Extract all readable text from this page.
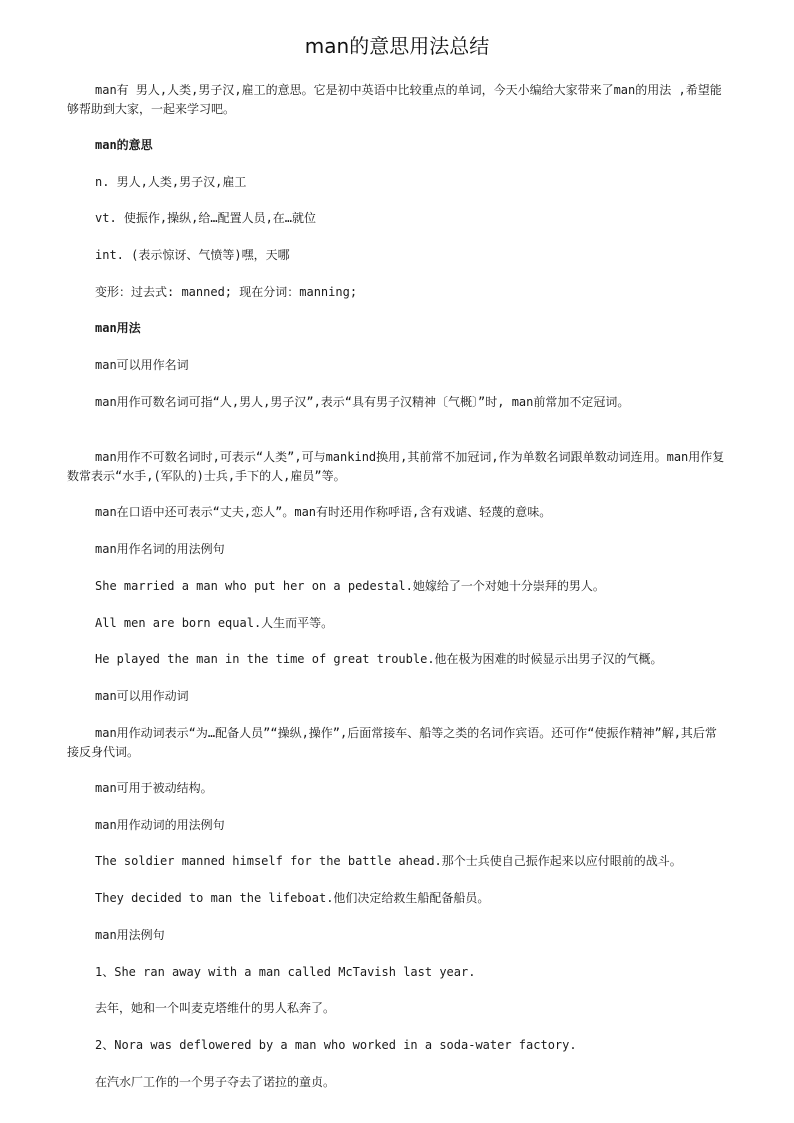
man的意思用法总结

man有 男人,人类,男子汉,雇工的意思。它是初中英语中比较重点的单词，今天小编给大家带来了man的用法 ,希望能够帮助到大家，一起来学习吧。

man的意思

n. 男人,人类,男子汉,雇工

vt. 使振作,操纵,给…配置人员,在…就位

int. (表示惊讶、气愤等)嘿，天哪

变形：过去式: manned; 现在分词：manning;

man用法

man可以用作名词

man用作可数名词可指“人,男人,男子汉”,表示“具有男子汉精神〔气概〕”时, man前常加不定冠词。

man用作不可数名词时,可表示“人类”,可与mankind换用,其前常不加冠词,作为单数名词跟单数动词连用。man用作复数常表示“水手,(军队的)士兵,手下的人,雇员”等。

man在口语中还可表示“丈夫,恋人”。man有时还用作称呼语,含有戏谑、轻蔑的意味。

man用作名词的用法例句

She married a man who put her on a pedestal.她嫁给了一个对她十分崇拜的男人。

All men are born equal.人生而平等。

He played the man in the time of great trouble.他在极为困难的时候显示出男子汉的气概。

man可以用作动词

man用作动词表示“为…配备人员”“操纵,操作”,后面常接车、船等之类的名词作宾语。还可作“使振作精神”解,其后常接反身代词。

man可用于被动结构。

man用作动词的用法例句

The soldier manned himself for the battle ahead.那个士兵使自己振作起来以应付眼前的战斗。

They decided to man the lifeboat.他们决定给救生船配备船员。

man用法例句

1、She ran away with a man called McTavish last year.

去年，她和一个叫麦克塔维什的男人私奔了。

2、Nora was deflowered by a man who worked in a soda-water factory.

在汽水厂工作的一个男子夺去了诺拉的童贞。
